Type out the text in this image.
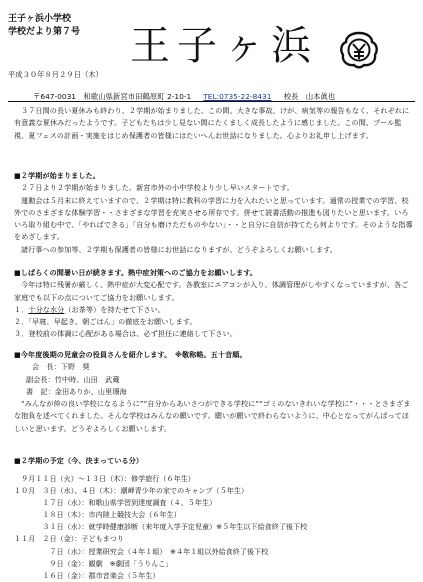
王子ヶ浜小学校
学校だより第７号 王子ヶ浜
平成３０年８月２９日（木）
〒647-0031　和歌山県新宮市田鶴原町 2-10-1 　 TEL:0735-22-8431 　 校長　山本眞也

３７日間の長い夏休みも終わり、２学期が始まりました。この間、大きな事故、けが、病気等の報告もなく、それぞれに有意義な夏休みだったようです。子どもたちは少し見ない間にたくましく成長したように感じました。この間、プール監視、夏フェスの計画・実施をはじめ保護者の皆様にはたいへんお世話になりました。心よりお礼申し上げます。

■２学期が始まりました。

２７日より２学期が始まりました。新宮市外の小中学校より少し早いスタートです。

運動会は５月末に終えていますので、２学期は特に教科の学習に力を入れたいと思っています。通常の授業での学習、校外でのさまざまな体験学習・・さまざまな学習を充実させる所存です。併せて読書活動の推進も図りたいと思います。いろいろ取り組む中で、「やればできる」「自分も磨けただものやない」・・と自分に自信が持てたら何よりです。そのような指導をめざします。

諸行事への参加等、２学期も保護者の皆様にお世話になりますが、どうぞよろしくお願いします。

■しばらくの間暑い日が続きます。熱中症対策へのご協力をお願いします。

今年は特に残暑が厳しく、熱中症が大変心配です。各教室にエアコンが入り、体調管理がしやすくなっていますが、各ご家庭でも以下の点についてご協力をお願いします。

１．十分な水分（お茶等）を持たせて下さい。

２．「早寝、早起き、朝ごはん」の徹底をお願いします。

３．登校前の体調に心配がある場合は、必ず担任に連絡して下さい。

■今年度後期の児童会の役員さんを紹介します。　※敬称略。五十音順。

会　長：下野　奨

副会長：竹中時、山田　武蔵

書　記：金田ありか、山里珊海

“みんなが仲の良い学校になるように”“自分からあいさつができる学校に”“ゴミのないきれいな学校に”・・・とさまざまな抱負を述べてくれました。そんな学校はみんなの願いです。願いが願いで終わらないように、中心となってがんばってほしいと思います。どうぞよろしくお願いします。

■２学期の予定（今、決まっている分）

　９月１１日（火）～１３日（木）：修学旅行（６年生）
１０月　３日（水）、４日（木）：潮岬青少年の家でのキャンプ（５年生）
　　　　１７日（水）：和歌山県学習到達度調査（４、５年生）
　　　　１８日（木）：市内陸上競技大会（６年生）
　　　　３１日（水）：就学時健康診断（来年度入学予定児童）※５年生以下給食終了後下校
１１月　２日（金）：子どもまつり
　　　　　７日（水）：授業研究会（４年１組）　※４年１組以外給食終了後下校
　　　　　９日（金）：観劇　※劇団「うりんこ」
　　　　１６日（金）：郡市音楽会（５年生）
